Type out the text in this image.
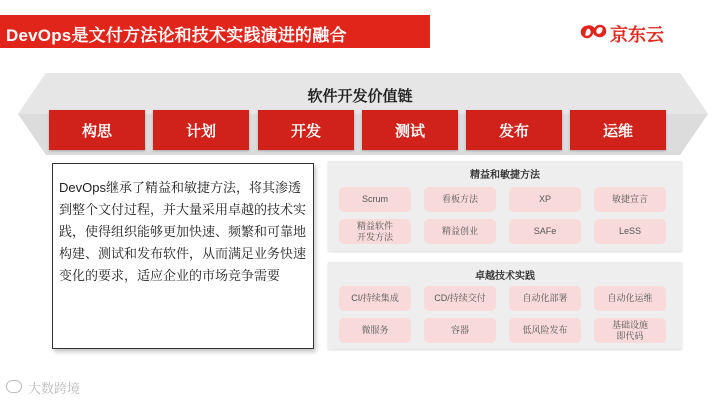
DevOps是文付方法论和技术实践演进的融合	京东云
软件开发价值链
构思	计划	开发	测试	发布	运维
DevOps继承了精益和敏捷方法，将其渗透到整个文付过程，并大量采用卓越的技术实践，使得组织能够更加快速、频繁和可靠地构建、测试和发布软件，从而满足业务快速变化的要求，适应企业的市场竞争需要
精益和敏捷方法
Scrum	看板方法	XP	敏捷宣言
精益软件开发方法
精益创业	SAFe	LeSS
卓越技术实践
CI/持续集成	CD/持续交付	自动化部署	自动化运维
微服务	容器	低风险发布
基础设施即代码
大数跨境
